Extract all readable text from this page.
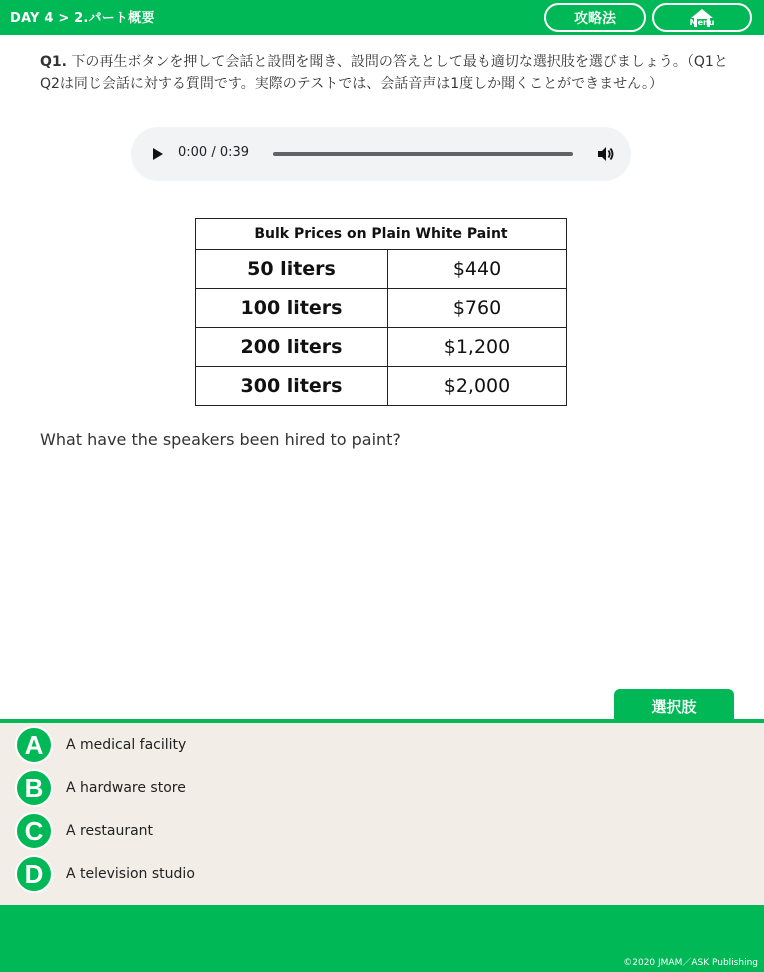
DAY 4 > 2.パート概要	攻略法	Menu
Q1. 下の再生ボタンを押して会話と設問を聞き、設問の答えとして最も適切な選択肢を選びましょう。（Q1とQ2は同じ会話に対する質問です。実際のテストでは、会話音声は1度しか聞くことができません。）
0:00 / 0:39
Bulk Prices on Plain White Paint	
50 liters	$440
100 liters	$760
200 liters	$1,200
300 liters	$2,000
What have the speakers been hired to paint?
選択肢
A	A medical facility
B	A hardware store
C	A restaurant
D	A television studio
©2020 JMAM／ASK Publishing
